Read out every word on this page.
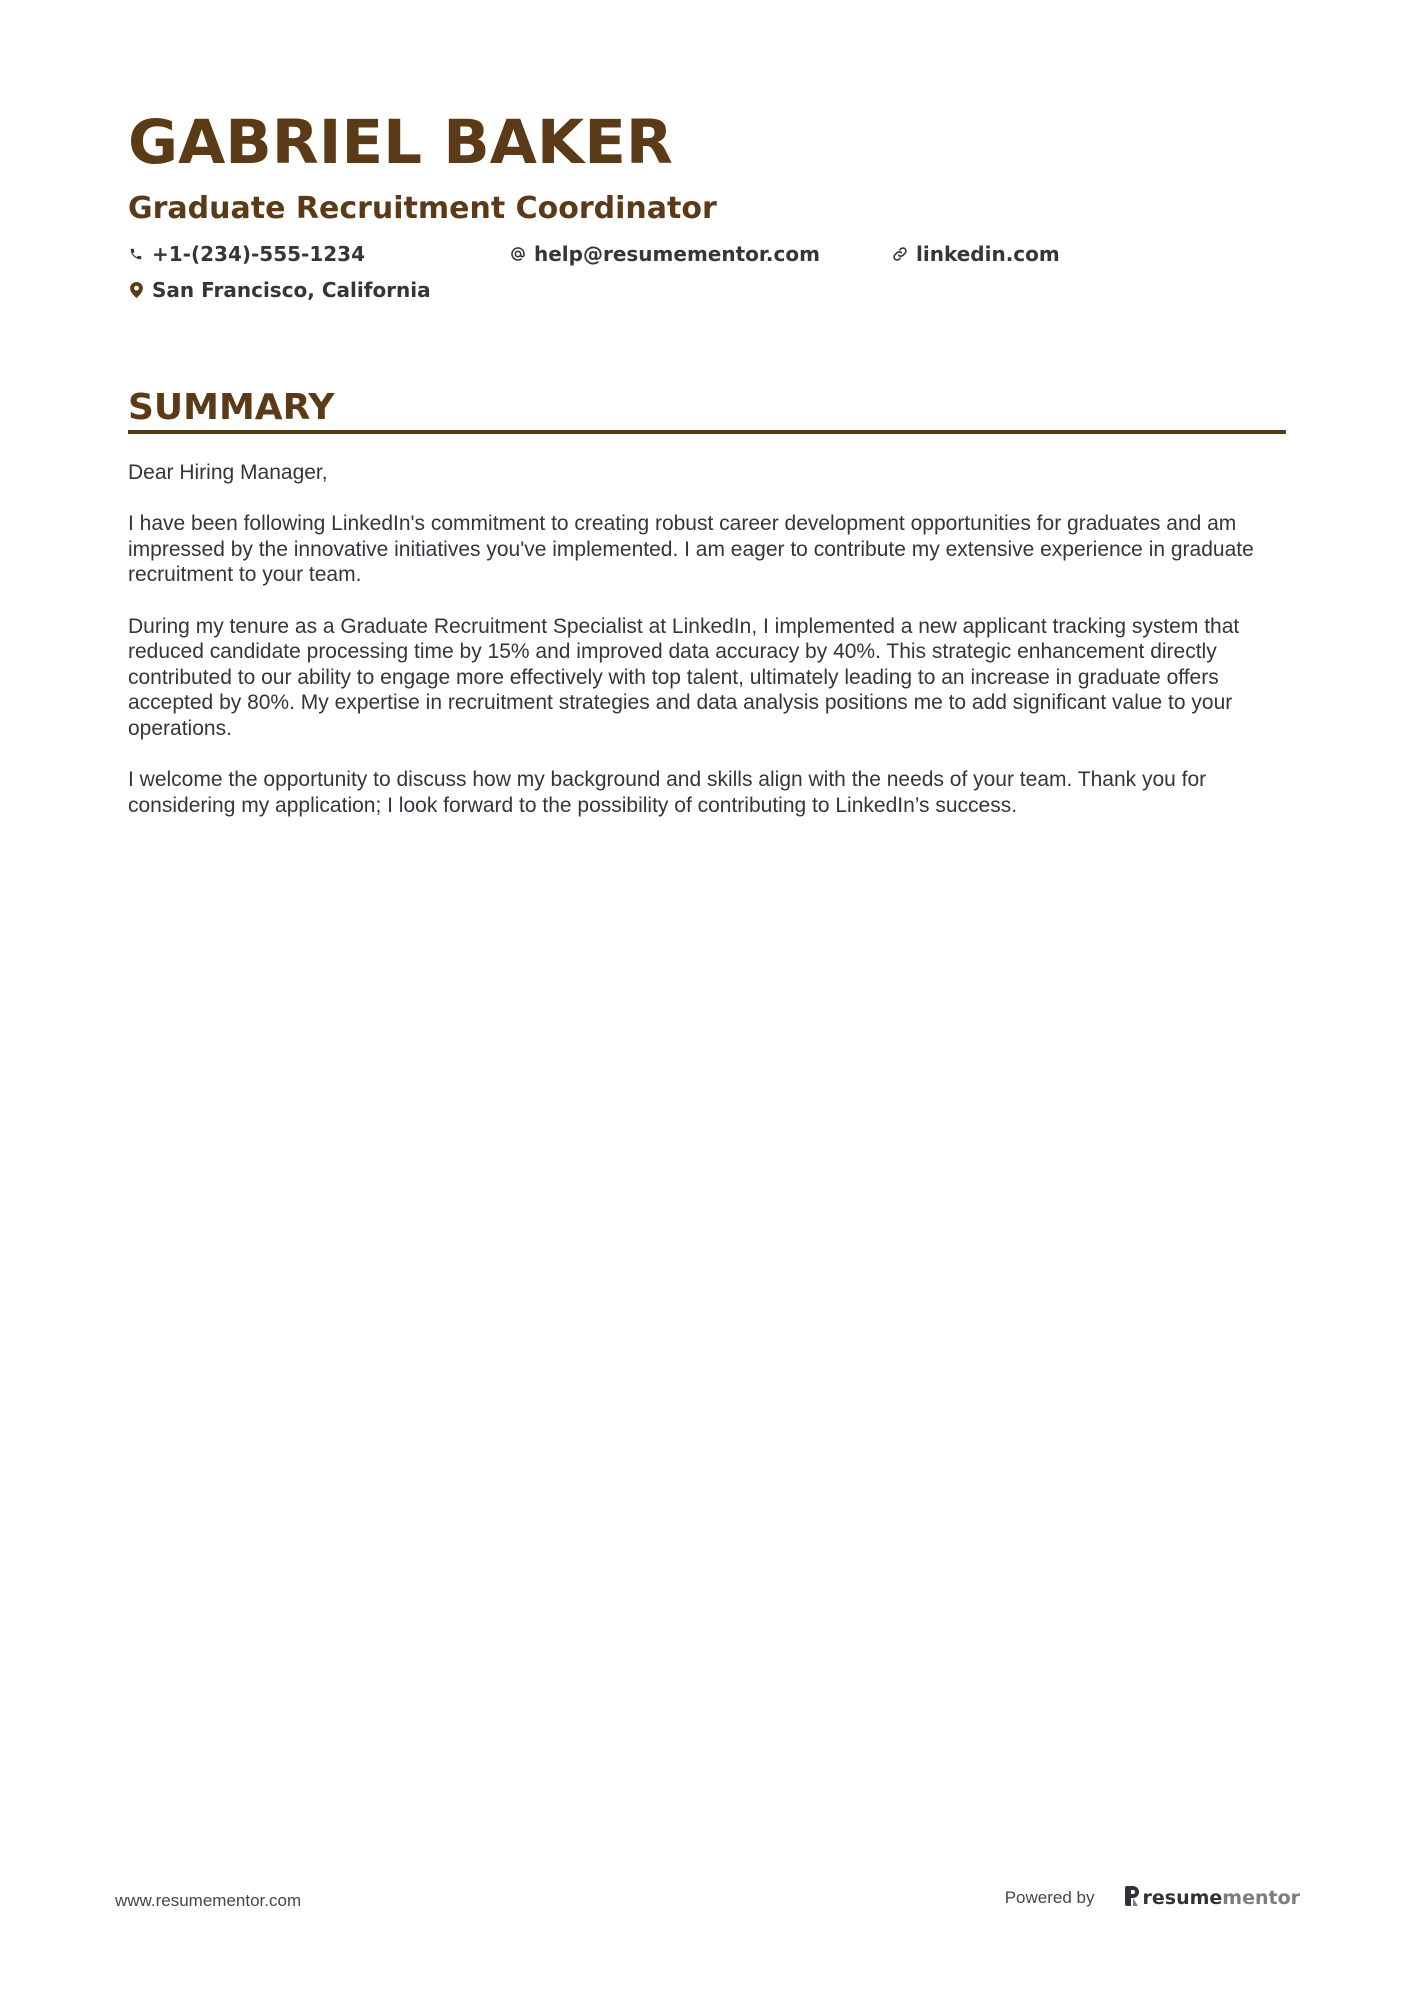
GABRIEL BAKER
Graduate Recruitment Coordinator
+1-(234)-555-1234	help@resumementor.com	linkedin.com
San Francisco, California
SUMMARY

Dear Hiring Manager,

I have been following LinkedIn's commitment to creating robust career development opportunities for graduates and am impressed by the innovative initiatives you've implemented. I am eager to contribute my extensive experience in graduate recruitment to your team.

During my tenure as a Graduate Recruitment Specialist at LinkedIn, I implemented a new applicant tracking system that reduced candidate processing time by 15% and improved data accuracy by 40%. This strategic enhancement directly contributed to our ability to engage more effectively with top talent, ultimately leading to an increase in graduate offers accepted by 80%. My expertise in recruitment strategies and data analysis positions me to add significant value to your operations.

I welcome the opportunity to discuss how my background and skills align with the needs of your team. Thank you for considering my application; I look forward to the possibility of contributing to LinkedIn’s success.

www.resumementor.com	Powered by	resume mentor
